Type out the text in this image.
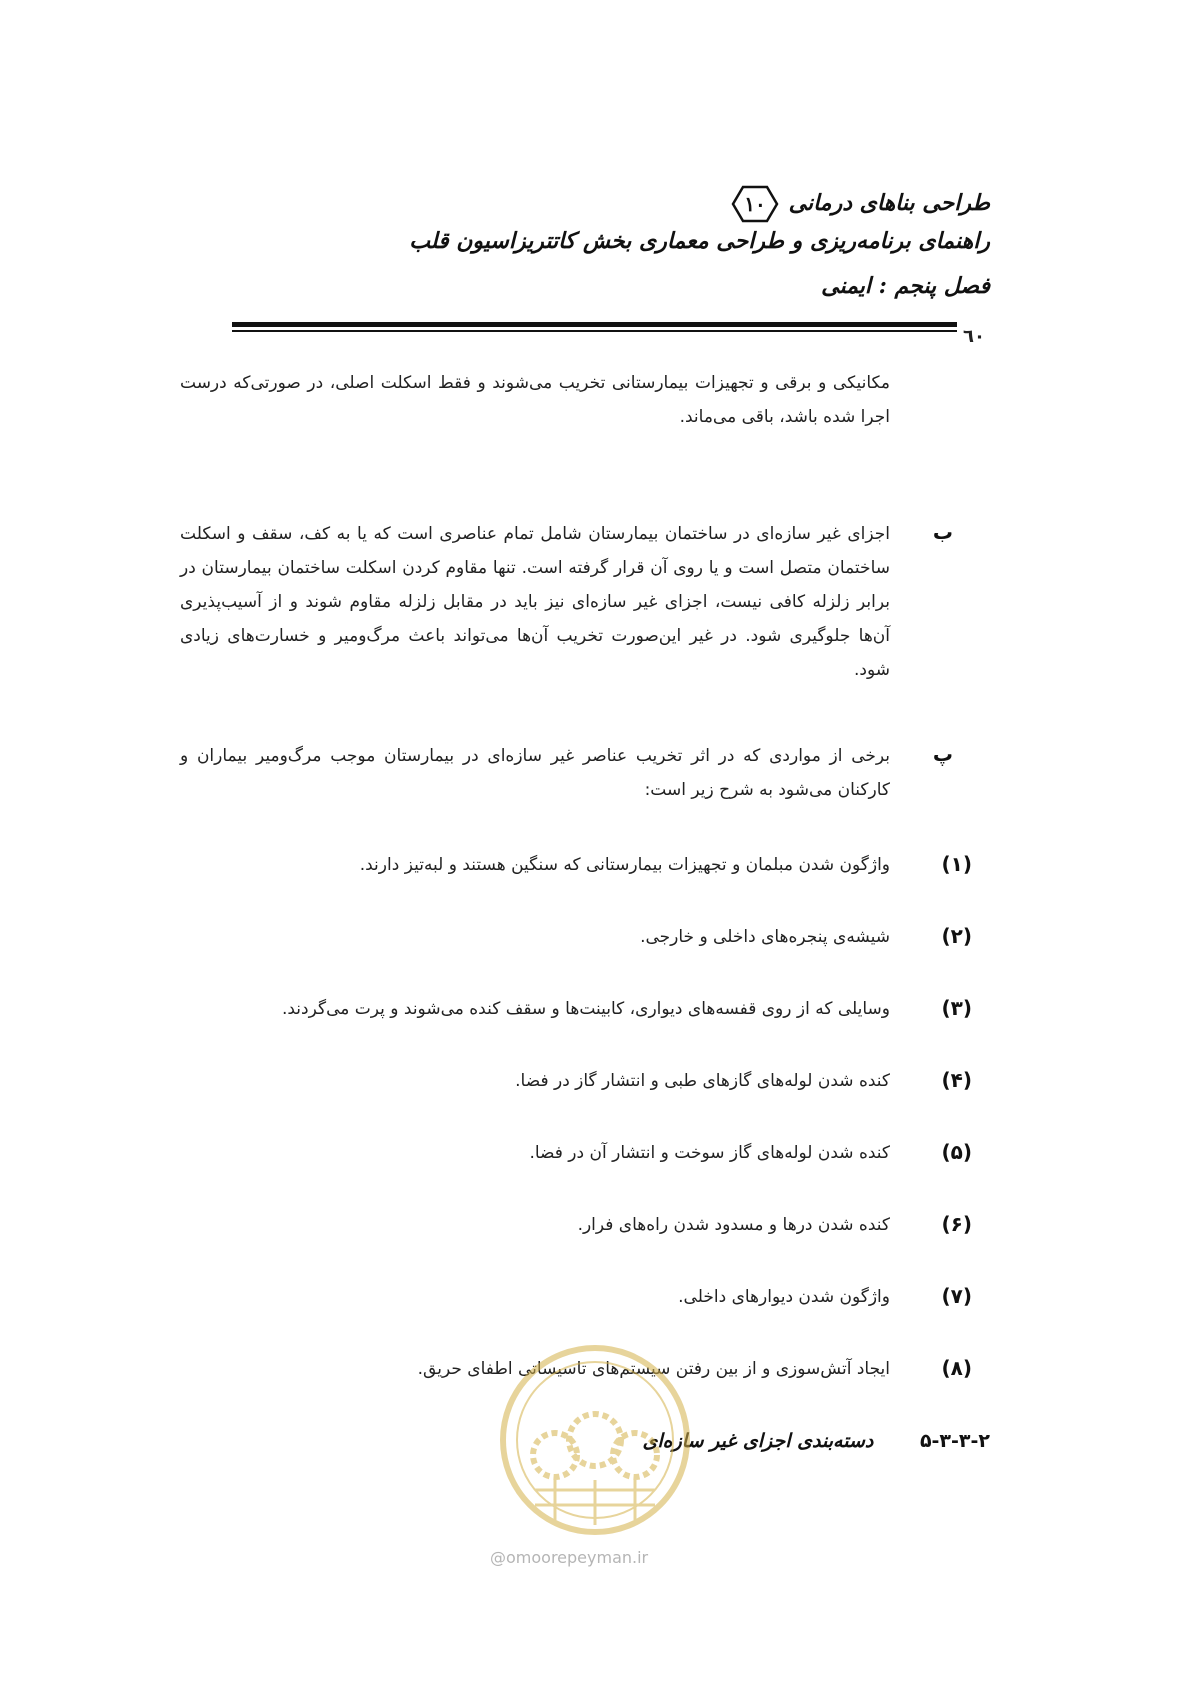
طراحی بناهای درمانی
۱۰
راهنمای برنامه‌ریزی و طراحی معماری بخش کاتتریزاسیون قلب
فصل پنجم : ایمنی
٦٠
مکانیکی و برقی و تجهیزات بیمارستانی تخریب می‌شوند و فقط اسکلت اصلی، در صورتی‌که درست اجرا شده باشد، باقی می‌ماند.
ب
اجزای غیر سازه‌ای در ساختمان بیمارستان شامل تمام عناصری است که یا به کف، سقف و اسکلت ساختمان متصل است و یا روی آن قرار گرفته است. تنها مقاوم کردن اسکلت ساختمان بیمارستان در برابر زلزله کافی نیست، اجزای غیر سازه‌ای نیز باید در مقابل زلزله مقاوم شوند و از آسیب‌پذیری آن‌ها جلوگیری شود. در غیر این‌صورت تخریب آن‌ها می‌تواند باعث مرگ‌ومیر و خسارت‌های زیادی شود.
پ
برخی از مواردی که در اثر تخریب عناصر غیر سازه‌ای در بیمارستان موجب مرگ‌ومیر بیماران و کارکنان می‌شود به شرح زیر است:
(۱)
واژگون شدن مبلمان و تجهیزات بیمارستانی که سنگین هستند و لبه‌تیز دارند.
(۲)
شیشه‌ی پنجره‌های داخلی و خارجی.
(۳)
وسایلی که از روی قفسه‌های دیواری، کابینت‌ها و سقف کنده می‌شوند و پرت می‌گردند.
(۴)
کنده شدن لوله‌های گازهای طبی و انتشار گاز در فضا.
(۵)
کنده شدن لوله‌های گاز سوخت و انتشار آن در فضا.
(۶)
کنده شدن درها و مسدود شدن راه‌های فرار.
(۷)
واژگون شدن دیوارهای داخلی.
(۸)
ایجاد آتش‌سوزی و از بین رفتن سیستم‌های تاسیساتی اطفای حریق.
۵-۳-۳-۲ دسته‌بندی اجزای غیر سازه‌ای
@omoorepeyman.ir
